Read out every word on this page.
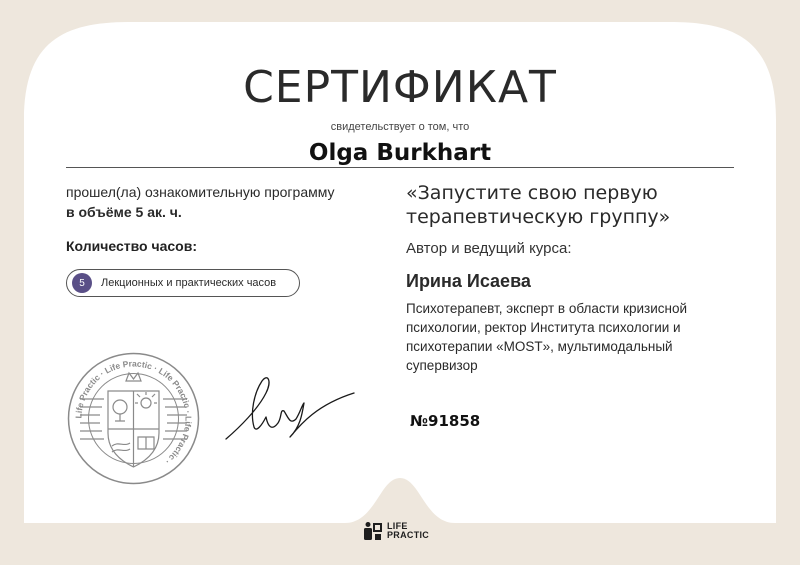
СЕРТИФИКАТ
свидетельствует о том, что
Olga Burkhart
прошел(ла) ознакомительную программу
в объёме 5 ак. ч.
Количество часов:
5	Лекционных и практических часов
«Запустите свою первую
терапевтическую группу»
Автор и ведущий курса:
Ирина Исаева
Психотерапевт, эксперт в области кризисной
психологии, ректор Института психологии и
психотерапии «MOST», мультимодальный
супервизор
№91858
Life Practic · Life Practic · Life Practic · Life Practic ·
LIFE
PRACTIC
